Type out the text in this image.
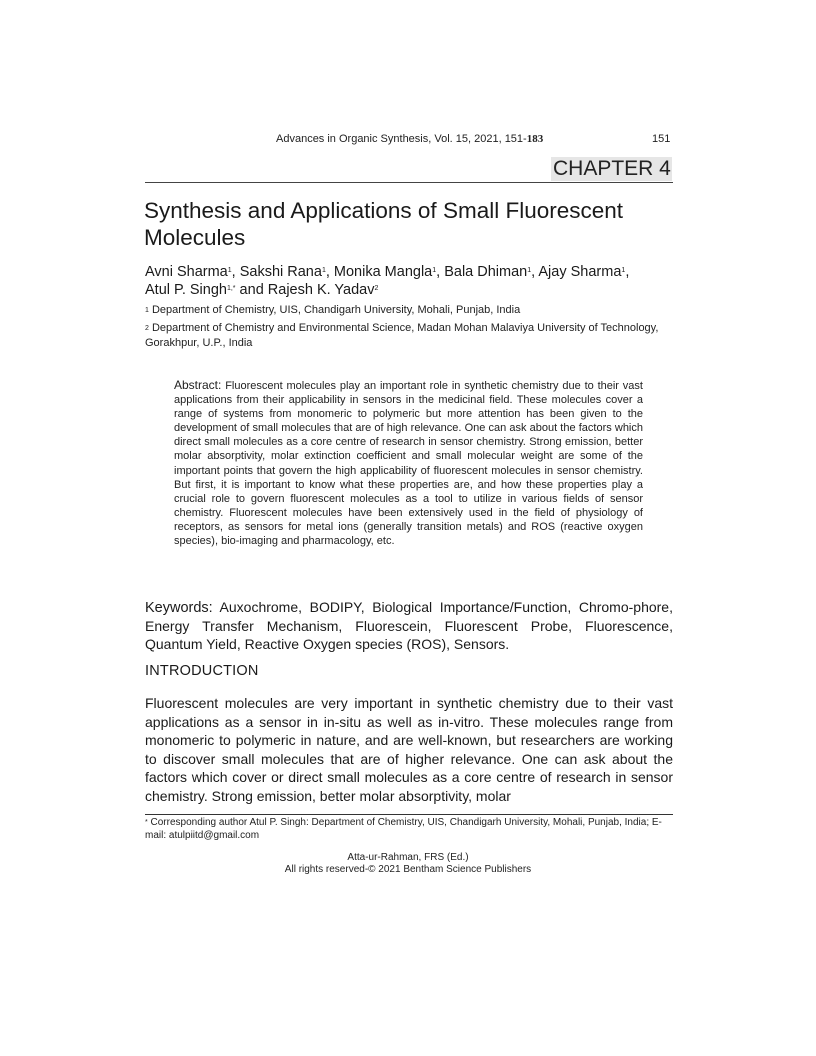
Advances in Organic Synthesis, Vol. 15, 2021, 151-183	151
CHAPTER 4
Synthesis and Applications of Small Fluorescent Molecules
Avni Sharma$^1$, Sakshi Rana$^1$, Monika Mangla$^1$, Bala Dhiman$^1$, Ajay Sharma$^1$,
Atul P. Singh$^{1,*}$ and Rajesh K. Yadav$^2$
$^1$ Department of Chemistry, UIS, Chandigarh University, Mohali, Punjab, India
$^2$ Department of Chemistry and Environmental Science, Madan Mohan Malaviya University of Technology, Gorakhpur, U.P., India
Abstract: Fluorescent molecules play an important role in synthetic chemistry due to their vast applications from their applicability in sensors in the medicinal field. These molecules cover a range of systems from monomeric to polymeric but more attention has been given to the development of small molecules that are of high relevance. One can ask about the factors which direct small molecules as a core centre of research in sensor chemistry. Strong emission, better molar absorptivity, molar extinction coefficient and small molecular weight are some of the important points that govern the high applicability of fluorescent molecules in sensor chemistry. But first, it is important to know what these properties are, and how these properties play a crucial role to govern fluorescent molecules as a tool to utilize in various fields of sensor chemistry. Fluorescent molecules have been extensively used in the field of physiology of receptors, as sensors for metal ions (generally transition metals) and ROS (reactive oxygen species), bio-imaging and pharmacology, etc.
Keywords: Auxochrome, BODIPY, Biological Importance/Function, Chromo-phore, Energy Transfer Mechanism, Fluorescein, Fluorescent Probe, Fluorescence, Quantum Yield, Reactive Oxygen species (ROS), Sensors.
INTRODUCTION
Fluorescent molecules are very important in synthetic chemistry due to their vast applications as a sensor in in-situ as well as in-vitro. These molecules range from monomeric to polymeric in nature, and are well-known, but researchers are working to discover small molecules that are of higher relevance. One can ask about the factors which cover or direct small molecules as a core centre of research in sensor chemistry. Strong emission, better molar absorptivity, molar
* Corresponding author Atul P. Singh: Department of Chemistry, UIS, Chandigarh University, Mohali, Punjab, India; E-mail: atulpiitd@gmail.com
Atta-ur-Rahman, FRS (Ed.)
All rights reserved-© 2021 Bentham Science Publishers
